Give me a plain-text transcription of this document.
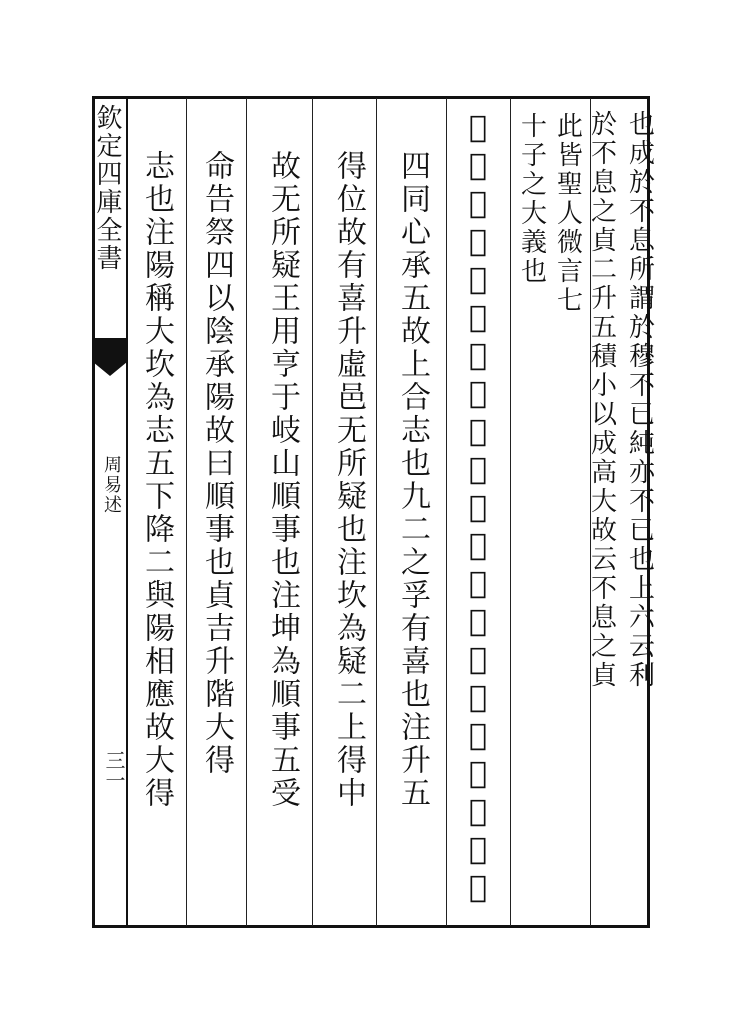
欽定四庫全書
周易述
三一
也成於不息所謂於穆不已純亦不已也上六云利
於不息之貞二升五積小以成高大故云不息之貞
此皆聖人微言七
十子之大義也
𬄟升大吉上合志也注上謂五二升五坎為志初變應
四同心承五故上合志也九二之孚有喜也注升五
得位故有喜升虛邑无所疑也注坎為疑二上得中
故无所疑王用亨于岐山順事也注坤為順事五受
命告祭四以陰承陽故曰順事也貞吉升階大得
志也注陽稱大坎為志五下降二與陽相應故大得
